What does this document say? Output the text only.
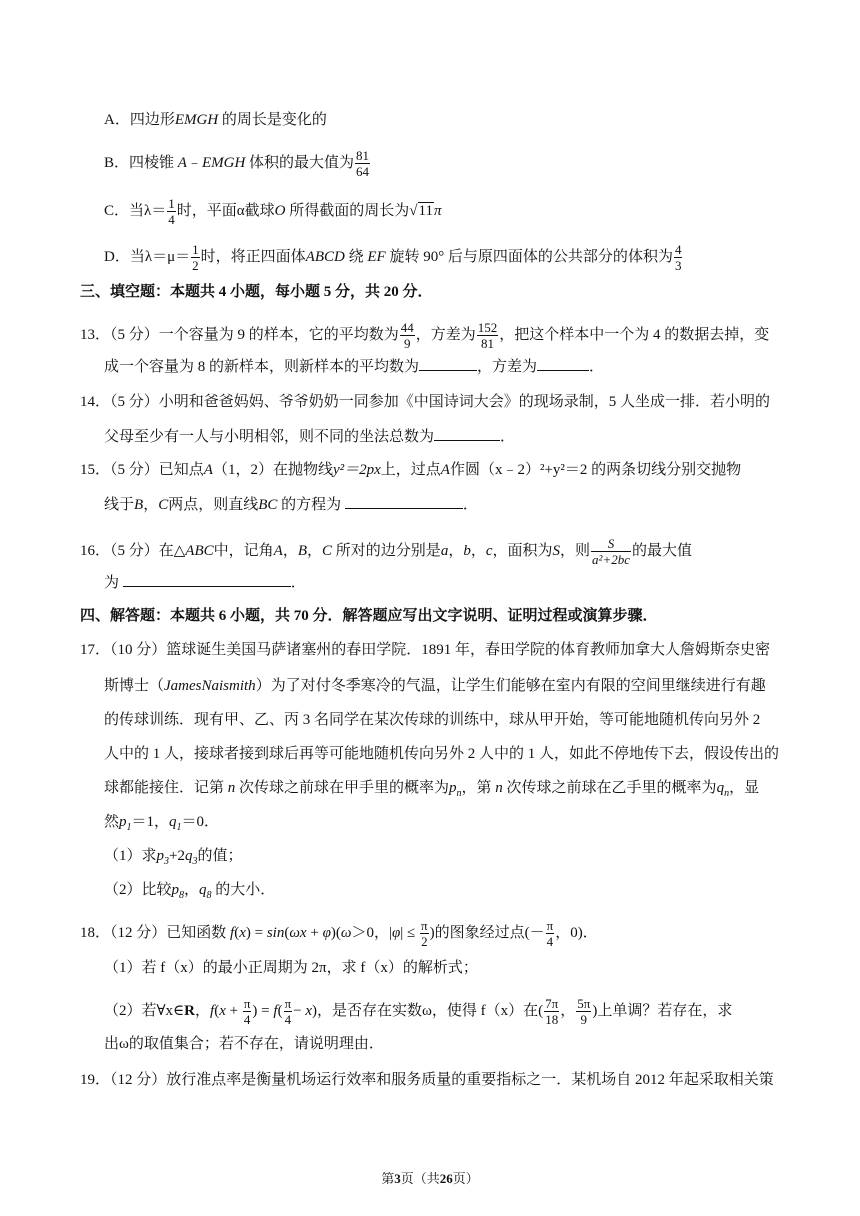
A．四边形EMGH 的周长是变化的
B．四棱锥 A﹣EMGH 体积的最大值为 $\frac{81}{64}$
C．当$\lambda= \frac{1}{4}$ 时，平面α截球O 所得截面的周长为√11π
D．当$\lambda=\mu= \frac{1}{2}$ 时，将正四面体ABCD 绕 EF 旋转 90° 后与原四面体的公共部分的体积为 $\frac{4}{3}$
三、填空题：本题共 4 小题，每小题 5 分，共 20 分．
13．（5 分）一个容量为 9 的样本，它的平均数为 $\frac{44}{9}$ ，方差为 $\frac{152}{81}$ ，把这个样本中一个为 4 的数据去掉，变
成一个容量为 8 的新样本，则新样本的平均数为	，方差为	．
14．（5 分）小明和爸爸妈妈、爷爷奶奶一同参加《中国诗词大会》的现场录制，5 人坐成一排．若小明的
父母至少有一人与小明相邻，则不同的坐法总数为	．
15．（5 分）已知点A（1，2）在抛物线y²＝2px上，过点A作圆（x﹣2）²+y²＝2 的两条切线分别交抛物
线于B，C两点，则直线BC 的方程为	．
16．（5 分）在△ABC中，记角A，B，C 所对的边分别是a，b，c，面积为S，则 $\frac{S}{\text{a²+2bc}}$ 的最大值
为	．
四、解答题：本题共 6 小题，共 70 分．解答题应写出文字说明、证明过程或演算步骤．
17．（10 分）篮球诞生美国马萨诸塞州的春田学院．1891 年，春田学院的体育教师加拿大人詹姆斯奈史密
斯博士（JamesNaismith）为了对付冬季寒冷的气温，让学生们能够在室内有限的空间里继续进行有趣
的传球训练．现有甲、乙、丙 3 名同学在某次传球的训练中，球从甲开始，等可能地随机传向另外 2
人中的 1 人，接球者接到球后再等可能地随机传向另外 2 人中的 1 人，如此不停地传下去，假设传出的
球都能接住．记第 n 次传球之前球在甲手里的概率为$p_n$，第 n 次传球之前球在乙手里的概率为$q_n$，显
然$p_1=1$，$q_1=0$．
（1）求$p_3+2q_3$的值；
（2）比较$p_8$，$q_8$ 的大小．
18．（12 分）已知函数 f(x) = sin(ωx + φ)(ω＞0，$|\varphi| \le \frac{\pi}{2}$ )的图象经过点(－ $\frac{\pi}{4}$ ，0)．
（1）若 f（x）的最小正周期为 2π，求 f（x）的解析式；
（2）若∀x∈R，$f(x + \frac{\pi}{4}$ ) = $f( \frac{\pi}{4} - x)$，是否存在实数ω，使得 f（x）在( $\frac{7\pi}{18}$ ， $\frac{5\pi}{9}$ )上单调？若存在，求
出ω的取值集合；若不存在，请说明理由．
19．（12 分）放行准点率是衡量机场运行效率和服务质量的重要指标之一．某机场自 2012 年起采取相关策
第3页（共26页）
